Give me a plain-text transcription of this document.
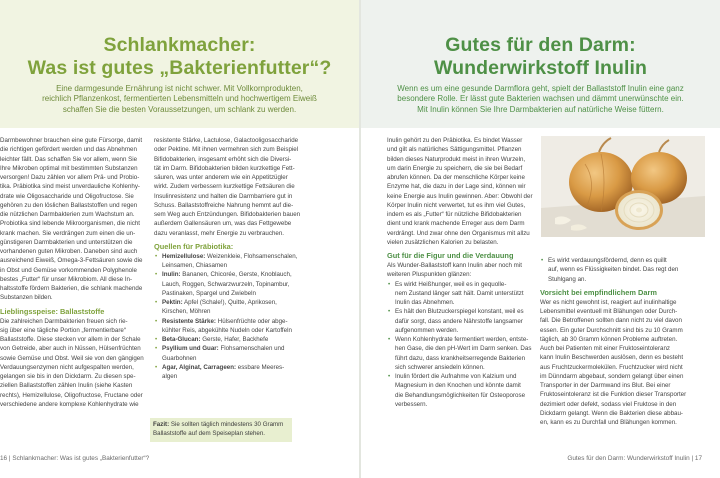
Schlankmacher:
Was ist gutes „Bakterienfutter“?
Eine darmgesunde Ernährung ist nicht schwer. Mit Vollkornprodukten,
reichlich Pflanzenkost, fermentierten Lebensmitteln und hochwertigem Eiweiß
schaffen Sie die besten Voraussetzungen, um schlank zu werden.
Darmbewohner brauchen eine gute Fürsorge, damit
die richtigen gefördert werden und das Abnehmen
leichter fällt. Das schaffen Sie vor allem, wenn Sie
Ihre Mikroben optimal mit bestimmten Substanzen
versorgen! Dazu zählen vor allem Prä- und Probio-
tika. Präbiotika sind meist unverdauliche Kohlenhy-
drate wie Oligosaccharide und Oligofructose. Sie
gehören zu den löslichen Ballaststoffen und regen
die nützlichen Darmbakterien zum Wachstum an.
Probiotika sind lebende Mikroorganismen, die nicht
krank machen. Sie verdrängen zum einen die un-
günstigeren Darmbakterien und unterstützen die
vorhandenen guten Mikroben. Daneben sind auch
ausreichend Eiweiß, Omega-3-Fettsäuren sowie die
in Obst und Gemüse vorkommenden Polyphenole
bestes „Futter“ für unser Mikrobiom. All diese In-
haltsstoffe fördern Bakterien, die schlank machende
Substanzen bilden.
Lieblingsspeise: Ballaststoffe
Die zahlreichen Darmbakterien freuen sich rie-
sig über eine tägliche Portion „fermentierbare“
Ballaststoffe. Diese stecken vor allem in der Schale
von Getreide, aber auch in Nüssen, Hülsenfrüchten
sowie Gemüse und Obst. Weil sie von den gängigen
Verdauungsenzymen nicht aufgespalten werden,
gelangen sie bis in den Dickdarm. Zu diesen spe-
ziellen Ballaststoffen zählen Inulin (siehe Kasten
rechts), Hemizellulose, Oligofructose, Fructane oder
verschiedene andere komplexe Kohlenhydrate wie
resistente Stärke, Lactulose, Galactooligosaccharide
oder Pektine. Mit ihnen vermehren sich zum Beispiel
Bifidobakterien, insgesamt erhöht sich die Diversi-
tät im Darm. Bifidobakterien bilden kurzkettige Fett-
säuren, was unter anderem wie ein Appetitzügler
wirkt. Zudem verbessern kurzkettige Fettsäuren die
Insulinresistenz und halten die Darmbarriere gut in
Schuss. Ballaststoffreiche Nahrung hemmt auf die-
sem Weg auch Entzündungen. Bifidobakterien bauen
außerdem Gallensäuren um, was das Fettgewebe
dazu veranlasst, mehr Energie zu verbrauchen.
Quellen für Präbiotika:
• Hemizellulose: Weizenkleie, Flohsamenschalen,
Leinsamen, Chiasamen
• Inulin: Bananen, Chicorée, Gerste, Knoblauch,
Lauch, Roggen, Schwarzwurzeln, Topinambur,
Pastinaken, Spargel und Zwiebeln
• Pektin: Apfel (Schale!), Quitte, Aprikosen,
Kirschen, Möhren
• Resistente Stärke: Hülsenfrüchte oder abge-
kühlter Reis, abgekühlte Nudeln oder Kartoffeln
• Beta-Glucan: Gerste, Hafer, Backhefe
• Psyllium und Guar: Flohsamenschalen und
Guarbohnen
• Agar, Alginat, Carrageen: essbare Meeres-
algen
Fazit: Sie sollten täglich mindestens 30 Gramm
Ballaststoffe auf dem Speiseplan stehen.
16 | Schlankmacher: Was ist gutes „Bakterienfutter“?
Gutes für den Darm:
Wunderwirkstoff Inulin
Wenn es um eine gesunde Darmflora geht, spielt der Ballaststoff Inulin eine ganz
besondere Rolle. Er lässt gute Bakterien wachsen und dämmt unerwünschte ein.
Mit Inulin können Sie Ihre Darmbakterien auf natürliche Weise füttern.
Inulin gehört zu den Präbiotika. Es bindet Wasser
und gilt als natürliches Sättigungsmittel. Pflanzen
bilden dieses Naturprodukt meist in ihren Wurzeln,
um darin Energie zu speichern, die sie bei Bedarf
abrufen können. Da der menschliche Körper keine
Enzyme hat, die dazu in der Lage sind, können wir
keine Energie aus Inulin gewinnen. Aber: Obwohl der
Körper Inulin nicht verwertet, tut es ihm viel Gutes,
indem es als „Futter“ für nützliche Bifidobakterien
dient und krank machende Erreger aus dem Darm
verdrängt. Und zwar ohne den Organismus mit allzu
vielen zusätzlichen Kalorien zu belasten.
Gut für die Figur und die Verdauung
Als Wunder-Ballaststoff kann Inulin aber noch mit
weiteren Pluspunkten glänzen:
• Es wirkt Heißhunger, weil es in gequolle-
nem Zustand länger satt hält. Damit unterstützt
Inulin das Abnehmen.
• Es hält den Blutzuckerspiegel konstant, weil es
dafür sorgt, dass andere Nährstoffe langsamer
aufgenommen werden.
• Wenn Kohlenhydrate fermentiert werden, entste-
hen Gase, die den pH-Wert im Darm senken. Das
führt dazu, dass krankheitserregende Bakterien
sich schwerer ansiedeln können.
• Inulin fördert die Aufnahme von Kalzium und
Magnesium in den Knochen und könnte damit
die Behandlungsmöglichkeiten für Osteoporose
verbessern.
• Es wirkt verdauungsfördernd, denn es quillt
auf, wenn es Flüssigkeiten bindet. Das regt den
Stuhlgang an.
Vorsicht bei empfindlichem Darm
Wer es nicht gewohnt ist, reagiert auf inulinhaltige
Lebensmittel eventuell mit Blähungen oder Durch-
fall. Die Betroffenen sollten dann nicht zu viel davon
essen. Ein guter Durchschnitt sind bis zu 10 Gramm
täglich, ab 30 Gramm können Probleme auftreten.
Auch bei Patienten mit einer Fruktoseintoleranz
kann Inulin Beschwerden auslösen, denn es besteht
aus Fruchtzuckermolekülen. Fruchtzucker wird nicht
im Dünndarm abgebaut, sondern gelangt über einen
Transporter in der Darmwand ins Blut. Bei einer
Fruktoseintoleranz ist die Funktion dieser Transporter
dezimiert oder defekt, sodass viel Fruktose in den
Dickdarm gelangt. Wenn die Bakterien diese abbau-
en, kann es zu Durchfall und Blähungen kommen.
Gutes für den Darm: Wunderwirkstoff Inulin | 17
